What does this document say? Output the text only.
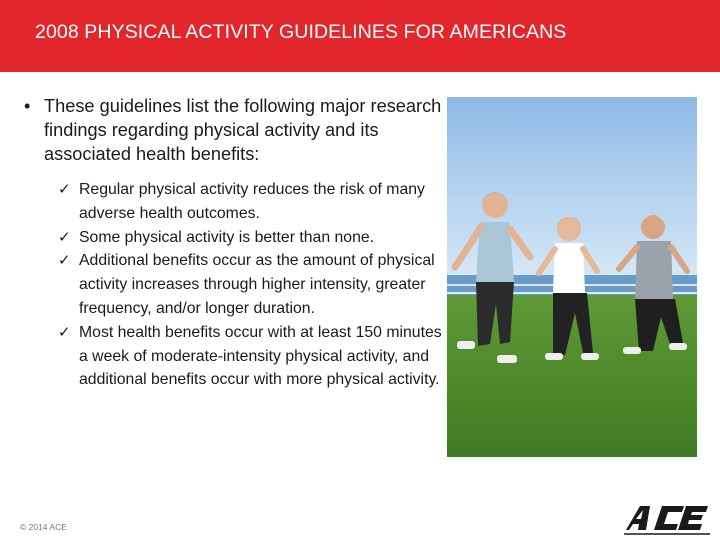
2008 PHYSICAL ACTIVITY GUIDELINES FOR AMERICANS

• These guidelines list the following major research findings regarding physical activity and its associated health benefits:

✓ Regular physical activity reduces the risk of many adverse health outcomes.
✓ Some physical activity is better than none.
✓ Additional benefits occur as the amount of physical activity increases through higher intensity, greater frequency, and/or longer duration.
✓ Most health benefits occur with at least 150 minutes a week of moderate-intensity physical activity, and additional benefits occur with more physical activity.
© 2014 ACE
